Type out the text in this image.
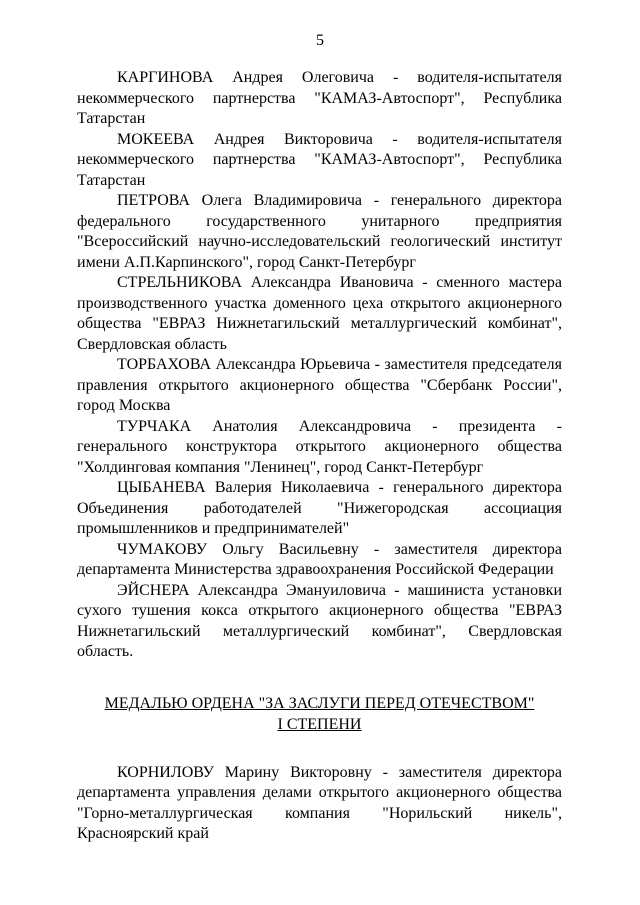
5

КАРГИНОВА Андрея Олеговича - водителя-испытателя некоммерческого партнерства "КАМАЗ-Автоспорт", Республика Татарстан

МОКЕЕВА Андрея Викторовича - водителя-испытателя некоммерческого партнерства "КАМАЗ-Автоспорт", Республика Татарстан

ПЕТРОВА Олега Владимировича - генерального директора федерального государственного унитарного предприятия "Всероссийский научно-исследовательский геологический институт имени А.П.Карпинского", город Санкт-Петербург

СТРЕЛЬНИКОВА Александра Ивановича - сменного мастера производственного участка доменного цеха открытого акционерного общества "ЕВРАЗ Нижнетагильский металлургический комбинат", Свердловская область

ТОРБАХОВА Александра Юрьевича - заместителя председателя правления открытого акционерного общества "Сбербанк России", город Москва

ТУРЧАКА Анатолия Александровича - президента - генерального конструктора открытого акционерного общества "Холдинговая компания "Ленинец", город Санкт-Петербург

ЦЫБАНЕВА Валерия Николаевича - генерального директора Объединения работодателей "Нижегородская ассоциация промышленников и предпринимателей"

ЧУМАКОВУ Ольгу Васильевну - заместителя директора департамента Министерства здравоохранения Российской Федерации

ЭЙСНЕРА Александра Эмануиловича - машиниста установки сухого тушения кокса открытого акционерного общества "ЕВРАЗ Нижнетагильский металлургический комбинат", Свердловская область.

МЕДАЛЬЮ ОРДЕНА "ЗА ЗАСЛУГИ ПЕРЕД ОТЕЧЕСТВОМ"
I СТЕПЕНИ

КОРНИЛОВУ Марину Викторовну - заместителя директора департамента управления делами открытого акционерного общества "Горно-металлургическая компания "Норильский никель", Красноярский край
